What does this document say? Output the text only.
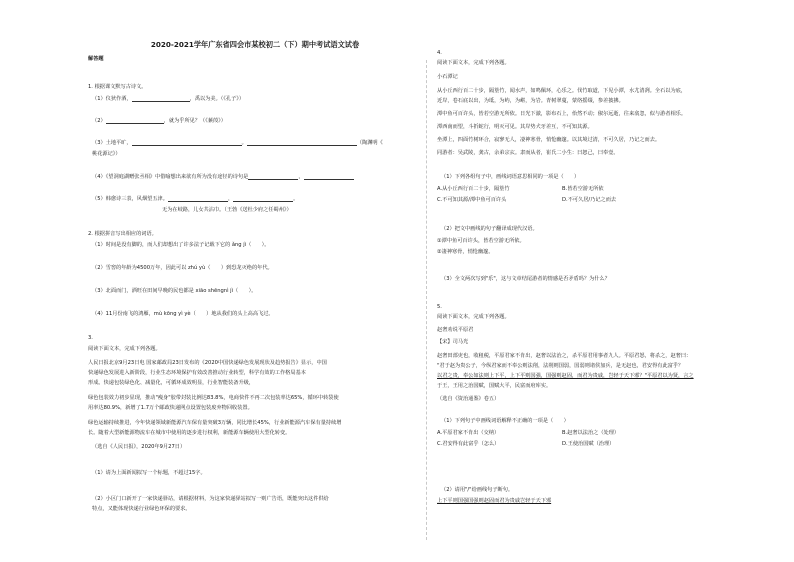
2020-2021学年广东省四会市某校初二（下）期中考试语文试卷
解答题
1. 根据课文默写古诗文。
（1）仪狄作酒，	，禹以为美。（《孔子》）
（2）	，就为乎所见？（《蒹葭》）
（3）土地平旷，	。	（陶渊明《
桃花源记》）
（4）《望洞庭湖赠张丞相》中借喻想出来欲有所为没有途径的诗句是	，
（5）韩愈诗三表，风烟望五津。	，	。
无为在岐路，儿女共沾巾。（王勃《送杜少府之任蜀州》）
2. 根据拼音写出相应的词语。
（1）时间是没有脚的，而人们却想出了许多法子记载下它的 ǎng jì（　　）。
（2）雪窖的年龄为4500万年，因此可以 zhú yù（　　）到恐龙灭绝的年代。
（3）北面而门，酒旺在田间早晚的民也都是 xiāo shēngnì jì（　　）。
（4）11月份南飞的鸿雁，mù kōng yì yè（　　）地从我们的头上高高飞过。
3.
阅读下面文本，完成下列各题。
人民日报北京9月23日电 国家邮政局23日发布的《2020中国快递绿色发展现状及趋势报告》显示，中国
快递绿色发展进入新阶段，行业生态环境保护有效改善推动行业转型，科学有效的工作格局基本
形成。快递包装绿色化、减量化，可循环成效明显，行业智能装备升级，
绿色包装效力初步显现，推动"瘦身"胶带封装比例达83.8%，电商快件不再二次包装率达65%，循环中转袋使
用率达80.9%，新增了1.7万个邮政快递网点设置包装废弃物回收装置。
绿色运输持续推进，今年快递领域新能源汽车保有量突破3万辆，同比增长45%，行业新能源汽车保有量持续增
长。随着大型新能源物流车在城市中使用的逐步进行权利，新能源车辆使用大型化转变。
（选自《人民日报》，2020年9月27日）
（1）请为上面新闻拟写一个标题，不超过15字。
（2）小区门口新开了一家快递驿站，请根据材料，为这家快递驿站拟写一则广告语，既能突出这件供给
特点，又能体现快递行业绿色环保的要求。
4.
阅读下面文本，完成下列各题。
小石潭记
从小丘西行百二十步，隔篁竹，闻水声，如鸣佩环，心乐之。伐竹取道，下见小潭，水尤清冽。全石以为底，
近岸，卷石底以出，为坻，为屿，为嵁，为岩。青树翠蔓，蒙络摇缀，参差披拂。
潭中鱼可百许头，皆若空游无所依。日光下澈，影布石上，佁然不动；俶尔远逝，往来翕忽，似与游者相乐。
潭西南而望，斗折蛇行，明灭可见。其岸势犬牙差互，不可知其源。
坐潭上，四面竹树环合，寂寥无人，凄神寒骨，悄怆幽邃。以其境过清，不可久居，乃记之而去。
同游者：吴武陵，龚古，余弟宗玄。隶而从者，崔氏二小生：曰恕己，曰奉壹。
（1）下列各组句子中，画线词语意思相同的一项是（　　）
A.从小丘西行百二十步，隔篁竹	B.皆若空游无所依
C.不可知其源/潭中鱼可百许头	D.不可久居/乃记之而去
（2）把文中画线的句子翻译成现代汉语。
①潭中鱼可百许头，皆若空游无所依。
②凄神寒骨，悄怆幽邃。
（3）全文两次写到"乐"，这与文章结尾游者的情感是否矛盾吗？为什么？
5.
阅读下面文本，完成下列各题。
赵奢劝说平原君
【宋】司马光
赵奢田部吏也，收租税，平原君家不肯出，赵奢以法治之，杀平原君用事者九人。平原君怒，将杀之，赵奢曰：
"君于赵为贵公子，今纵君家而不奉公则法削，法削则国弱，国弱则诸侯加兵，是无赵也，君安得有此富乎？
以君之贵，奉公如法则上下平，上下平则国强，国强则赵固，而君为贵戚，岂轻于天下邪？"平原君以为贤，言之
于王，王用之治国赋，国赋大平，民富而府库实。
（选自《资治通鉴》卷五）
（1）下列句子中画线词语解释不正确的一项是（　　）
A.平原君家不肯出（交纳）	B.赵奢以法治之（处理）
C.君安得有此富乎（怎么）	D.王使治国赋（治理）
（2）请用"/"给画线句子断句。
上下平则国强国强则赵固而君为贵戚岂轻于天下邪
